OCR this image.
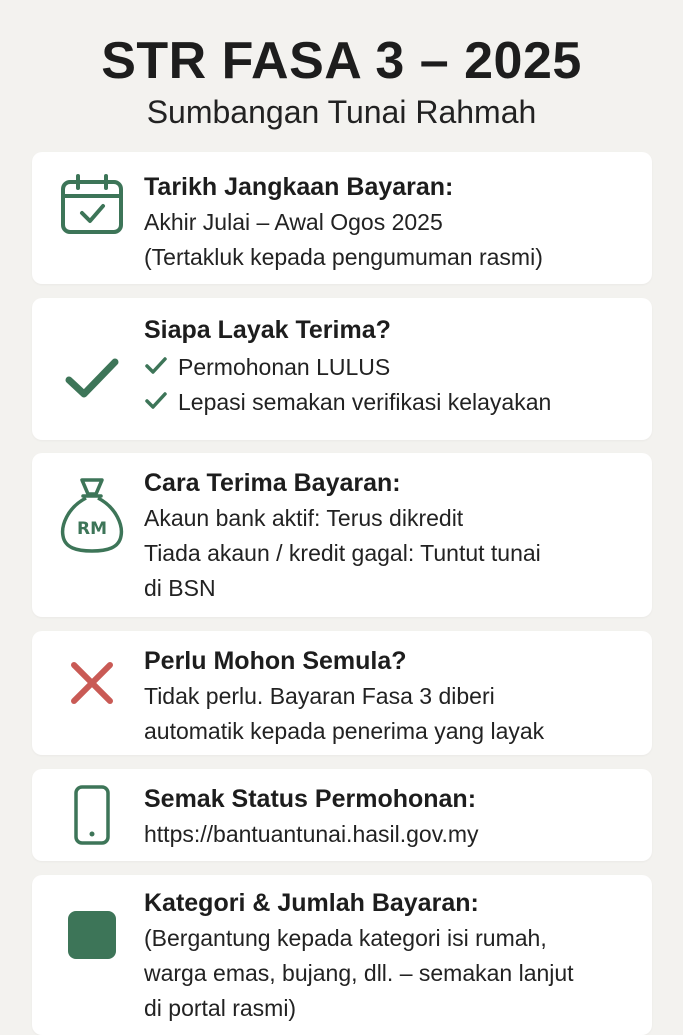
STR FASA 3 – 2025
Sumbangan Tunai Rahmah
Tarikh Jangkaan Bayaran:
Akhir Julai – Awal Ogos 2025
(Tertakluk kepada pengumuman rasmi)
Siapa Layak Terima?
Permohonan LULUS
Lepasi semakan verifikasi kelayakan
RM
Cara Terima Bayaran:
Akaun bank aktif: Terus dikredit
Tiada akaun / kredit gagal: Tuntut tunai
di BSN
Perlu Mohon Semula?
Tidak perlu. Bayaran Fasa 3 diberi
automatik kepada penerima yang layak
Semak Status Permohonan:
https://bantuantunai.hasil.gov.my
Kategori & Jumlah Bayaran:
(Bergantung kepada kategori isi rumah,
warga emas, bujang, dll. – semakan lanjut
di portal rasmi)
